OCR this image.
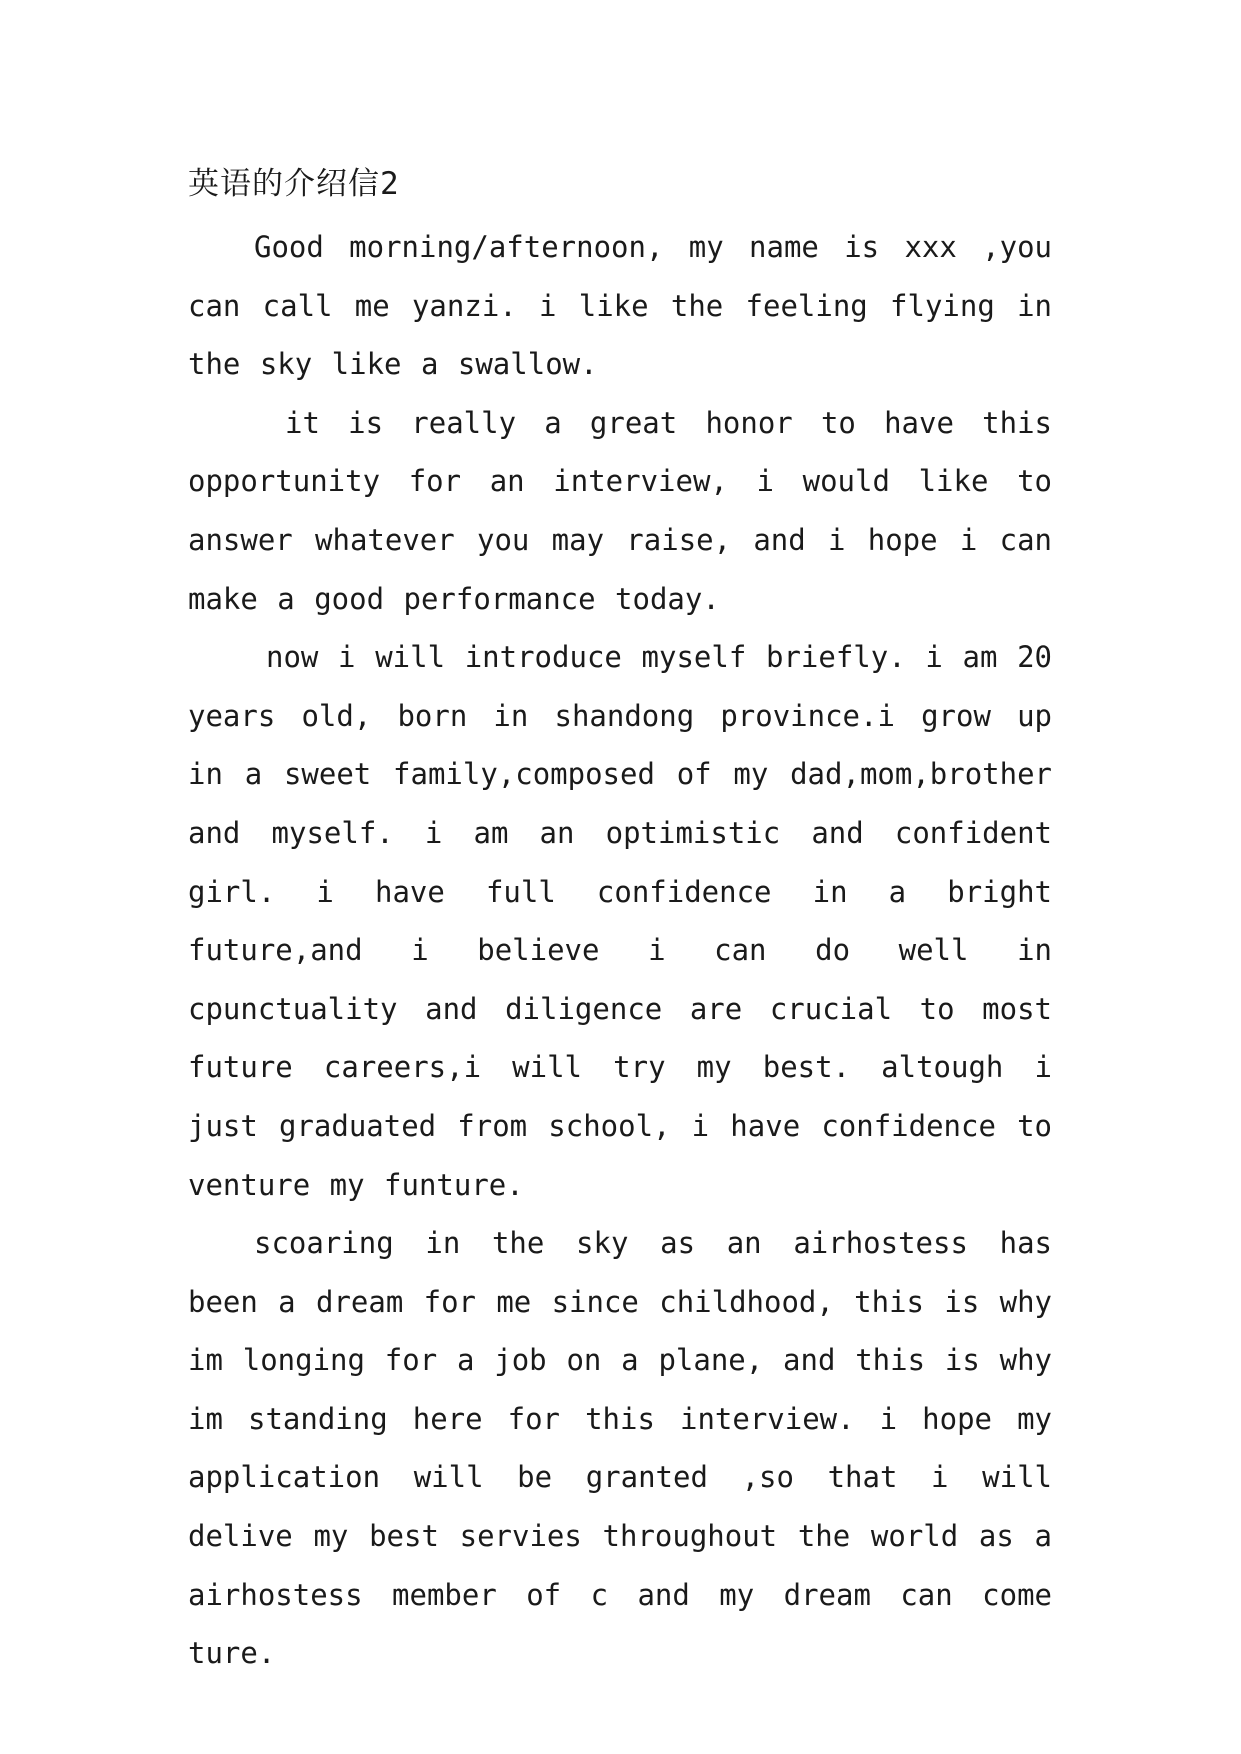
英语的介绍信2

Good morning/afternoon, my name is xxx ,you can call me yanzi. i like the feeling flying in the sky like a swallow.

it is really a great honor to have this opportunity for an interview, i would like to answer whatever you may raise, and i hope i can make a good performance today.

now i will introduce myself briefly. i am 20 years old, born in shandong province.i grow up in a sweet family,composed of my dad,mom,brother and myself. i am an optimistic and confident girl. i have full confidence in a bright future,and i believe i can do well in cpunctuality and diligence are crucial to most future careers,i will try my best. altough i just graduated from school, i have confidence to venture my funture.

scoaring in the sky as an airhostess has been a dream for me since childhood, this is why im longing for a job on a plane, and this is why im standing here for this interview. i hope my application will be granted ,so that i will delive my best servies throughout the world as a airhostess member of c and my dream can come ture.
